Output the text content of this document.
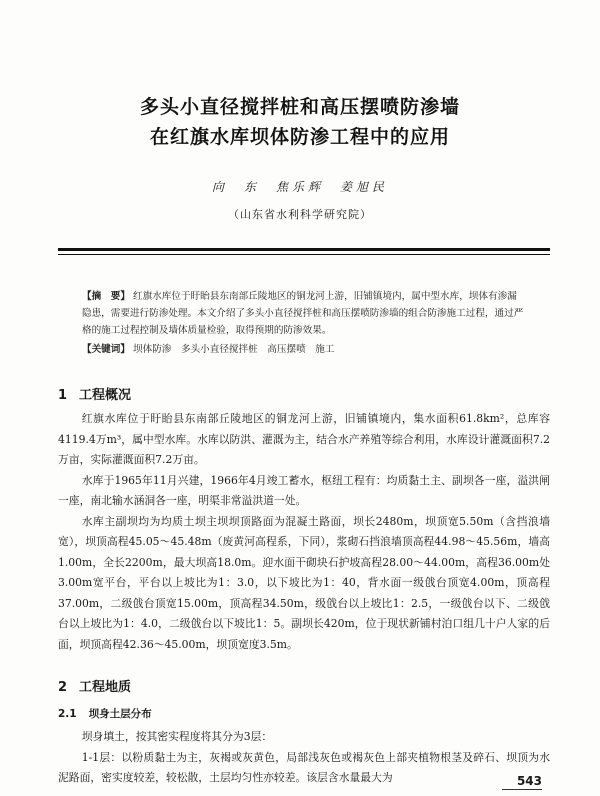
多头小直径搅拌桩和高压摆喷防渗墙
在红旗水库坝体防渗工程中的应用
向　东　焦乐辉　姜旭民
（山东省水利科学研究院）

【摘　要】 红旗水库位于盱眙县东南部丘陵地区的铜龙河上游，旧铺镇境内，属中型水库，坝体有渗漏隐患，需要进行防渗处理。本文介绍了多头小直径搅拌桩和高压摆喷防渗墙的组合防渗施工过程，通过严格的施工过程控制及墙体质量检验，取得预期的防渗效果。

【关键词】 坝体防渗　多头小直径搅拌桩　高压摆喷　施工

1 工程概况

红旗水库位于盱眙县东南部丘陵地区的铜龙河上游，旧铺镇境内，集水面积61.8km²，总库容4119.4万m³，属中型水库。水库以防洪、灌溉为主，结合水产养殖等综合利用，水库设计灌溉面积7.2万亩，实际灌溉面积7.2万亩。

水库于1965年11月兴建，1966年4月竣工蓄水，枢纽工程有：均质黏土主、副坝各一座，溢洪闸一座，南北输水涵洞各一座，明渠非常溢洪道一处。

水库主副坝均为均质土坝主坝坝顶路面为混凝土路面，坝长2480m，坝顶宽5.50m（含挡浪墙宽），坝顶高程45.05～45.48m（废黄河高程系，下同），浆砌石挡浪墙顶高程44.98～45.56m，墙高1.00m，全长2200m，最大坝高18.0m。迎水面干砌块石护坡高程28.00～44.00m，高程36.00m处3.00m宽平台，平台以上坡比为1：3.0，以下坡比为1：40，背水面一级戗台顶宽4.00m，顶高程37.00m，二级戗台顶宽15.00m，顶高程34.50m，级戗台以上坡比1：2.5，一级戗台以下、二级戗台以上坡比为1：4.0，二级戗台以下坡比1：5。副坝长420m，位于现状新铺村泊口组几十户人家的后面，坝顶高程42.36～45.00m，坝顶宽度3.5m。

2 工程地质
2.1 坝身土层分布

坝身填土，按其密实程度将其分为3层：

1-1层：以粉质黏土为主，灰褐或灰黄色，局部浅灰色或褐灰色上部夹植物根茎及碎石、坝顶为水泥路面，密实度较差，较松散，土层均匀性亦较差。该层含水量最大为	543
